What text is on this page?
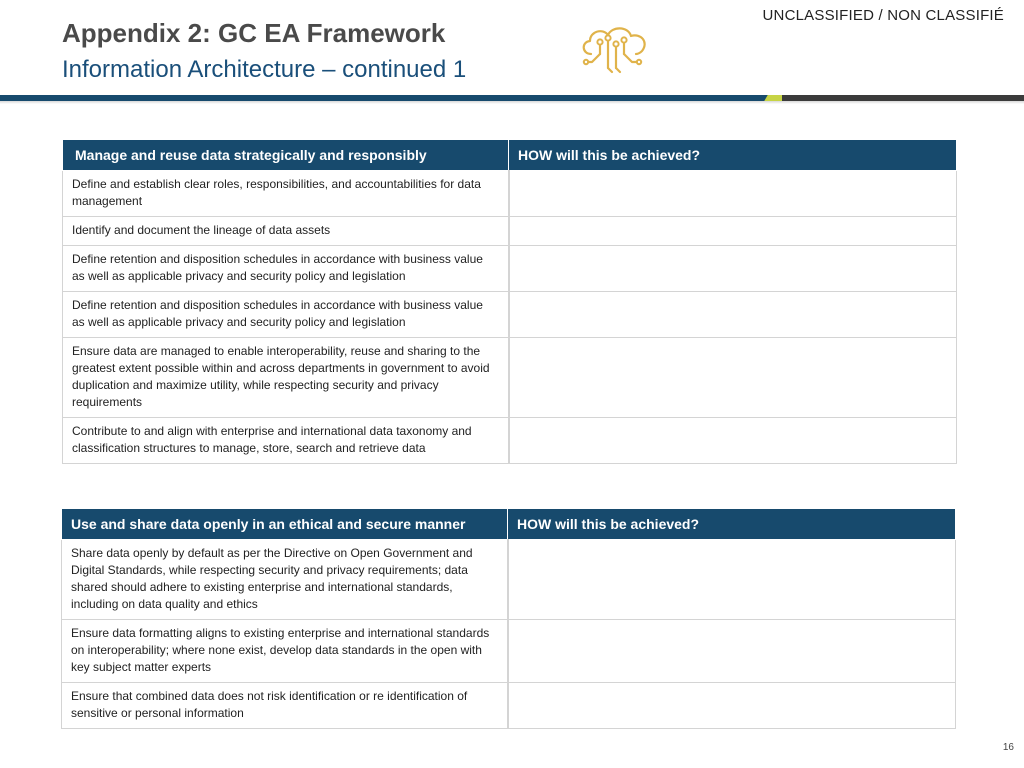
UNCLASSIFIED / NON CLASSIFIÉ
Appendix 2: GC EA Framework
Information Architecture – continued 1
Manage and reuse data strategically and responsibly	HOW will this be achieved?
Define and establish clear roles, responsibilities, and accountabilities for data management	
Identify and document the lineage of data assets	
Define retention and disposition schedules in accordance with business value as well as applicable privacy and security policy and legislation	
Define retention and disposition schedules in accordance with business value as well as applicable privacy and security policy and legislation	
Ensure data are managed to enable interoperability, reuse and sharing to the greatest extent possible within and across departments in government to avoid duplication and maximize utility, while respecting security and privacy requirements	
Contribute to and align with enterprise and international data taxonomy and classification structures to manage, store, search and retrieve data	
Use and share data openly in an ethical and secure manner	HOW will this be achieved?
Share data openly by default as per the Directive on Open Government and Digital Standards, while respecting security and privacy requirements; data shared should adhere to existing enterprise and international standards, including on data quality and ethics	
Ensure data formatting aligns to existing enterprise and international standards on interoperability; where none exist, develop data standards in the open with key subject matter experts	
Ensure that combined data does not risk identification or re identification of sensitive or personal information	
16
